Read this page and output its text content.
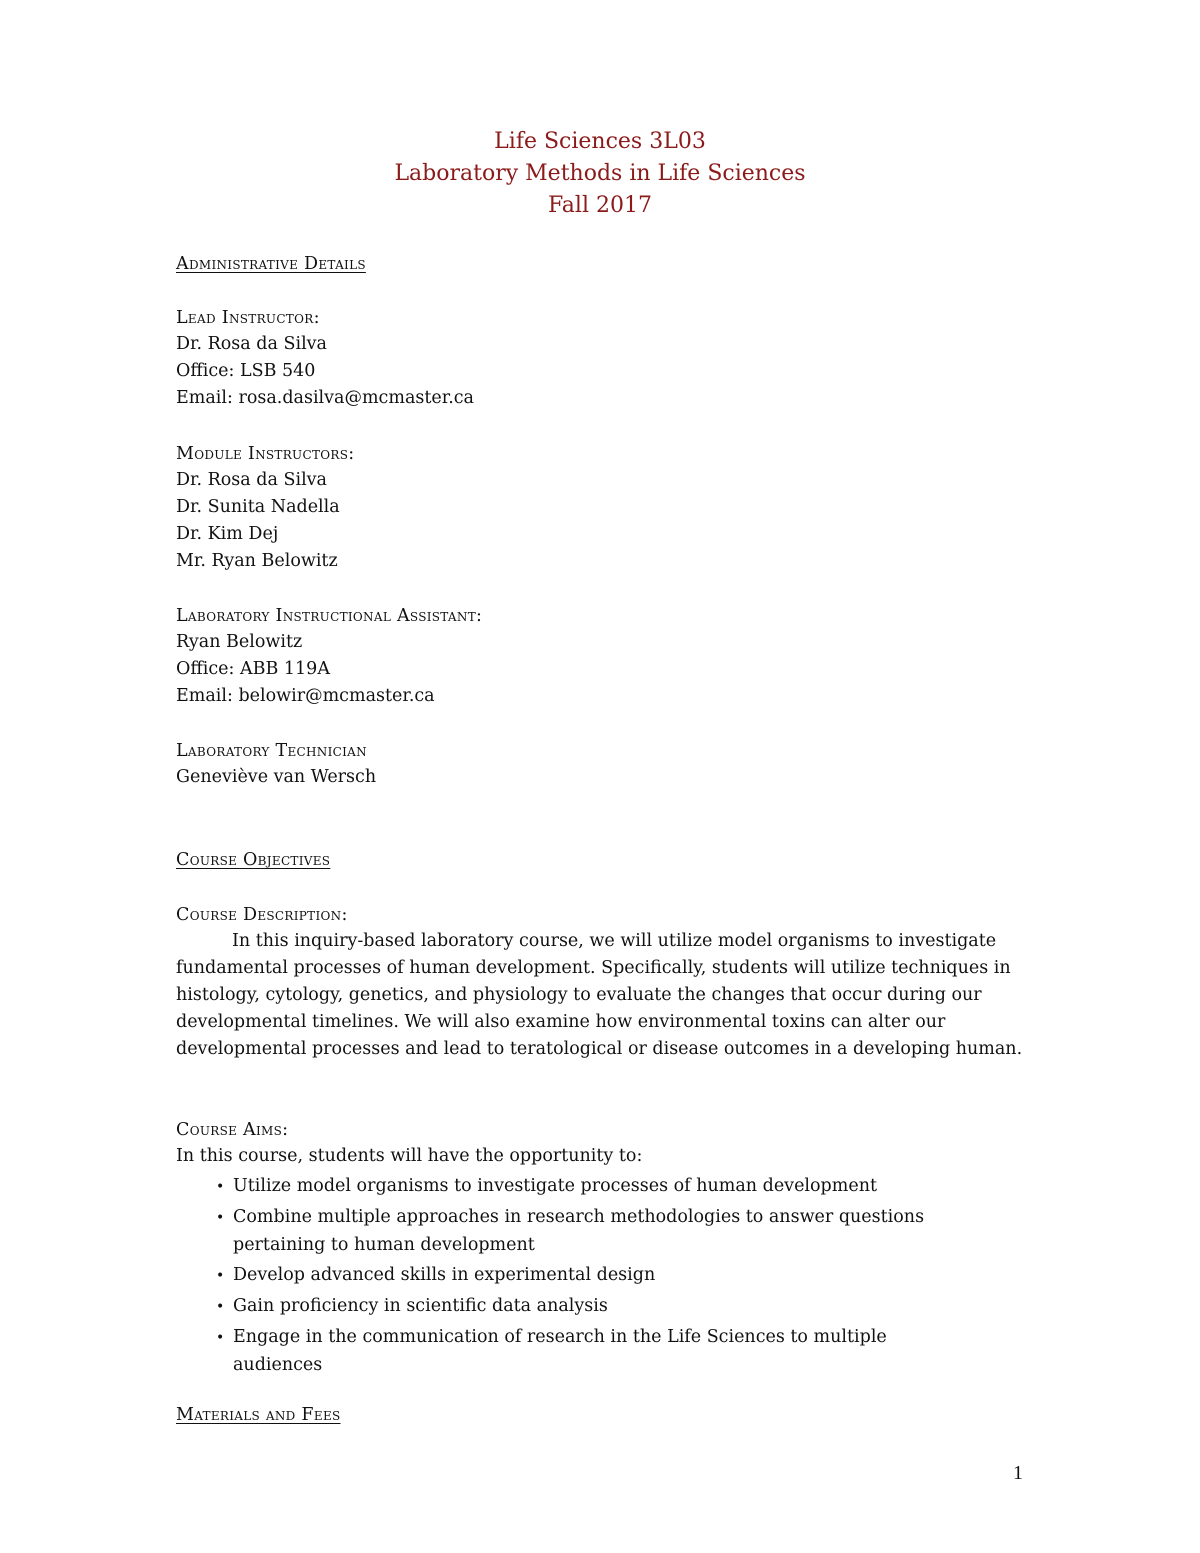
Life Sciences 3L03
Laboratory Methods in Life Sciences
Fall 2017
Administrative Details
Lead Instructor:
Dr. Rosa da Silva
Office: LSB 540
Email: rosa.dasilva@mcmaster.ca
Module Instructors:
Dr. Rosa da Silva
Dr. Sunita Nadella
Dr. Kim Dej
Mr. Ryan Belowitz
Laboratory Instructional Assistant:
Ryan Belowitz
Office: ABB 119A
Email: belowir@mcmaster.ca
Laboratory Technician
Geneviève van Wersch
Course Objectives
Course Description:
In this inquiry-based laboratory course, we will utilize model organisms to investigate fundamental processes of human development. Specifically, students will utilize techniques in histology, cytology, genetics, and physiology to evaluate the changes that occur during our developmental timelines. We will also examine how environmental toxins can alter our developmental processes and lead to teratological or disease outcomes in a developing human.
Course Aims:
In this course, students will have the opportunity to:
• Utilize model organisms to investigate processes of human development
• Combine multiple approaches in research methodologies to answer questions pertaining to human development
• Develop advanced skills in experimental design
• Gain proficiency in scientific data analysis
• Engage in the communication of research in the Life Sciences to multiple audiences
Materials and Fees
1
